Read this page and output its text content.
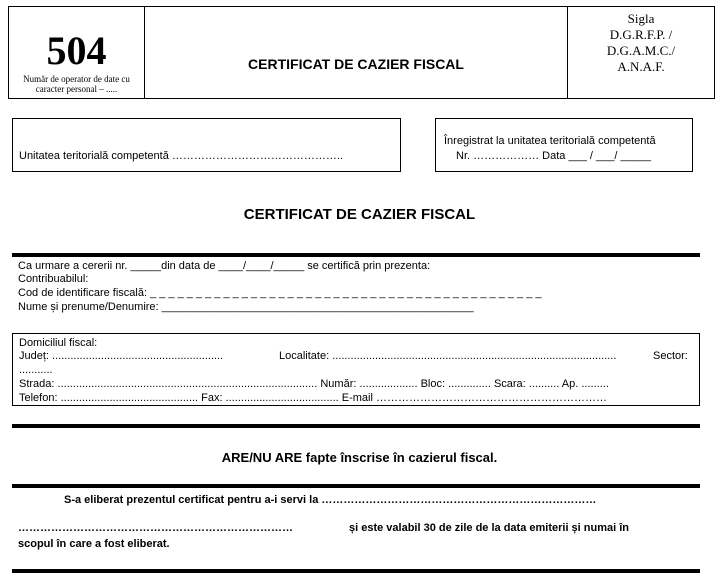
504
Număr de operator de date cu
caracter personal – .....
CERTIFICAT DE CAZIER FISCAL
Sigla
D.G.R.F.P. /
D.G.A.M.C./
A.N.A.F.
Unitatea teritorială competentă ………………………………………..
Înregistrat la unitatea teritorială competentă
Nr. ……………… Data ___ / ___/ _____
CERTIFICAT DE CAZIER FISCAL
Ca urmare a cererii nr. _____din data de ____/____/_____ se certifică prin prezenta:
Contribuabilul:
Cod de identificare fiscală: _ _ _ _ _ _ _ _ _ _ _ _ _ _ _ _ _ _ _ _ _ _ _ _ _ _ _ _ _ _ _ _ _ _ _ _ _ _ _ _ _ _ _
Nume și prenume/Denumire: ___________________________________________________
Domiciliul fiscal:
Județ: ........................................................	Localitate: .............................................................................................	Sector:
...........
Strada: ..................................................................................... Număr: ................... Bloc: .............. Scara: .......... Ap. .........
Telefon: ............................................. Fax: ..................................... E-mail ………………………………………………………
ARE/NU ARE fapte înscrise în cazierul fiscal.
S-a eliberat prezentul certificat pentru a-i servi la …………………………………………………………………
…………………………………………………………………	și este valabil 30 de zile de la data emiterii și numai în
scopul în care a fost eliberat.
